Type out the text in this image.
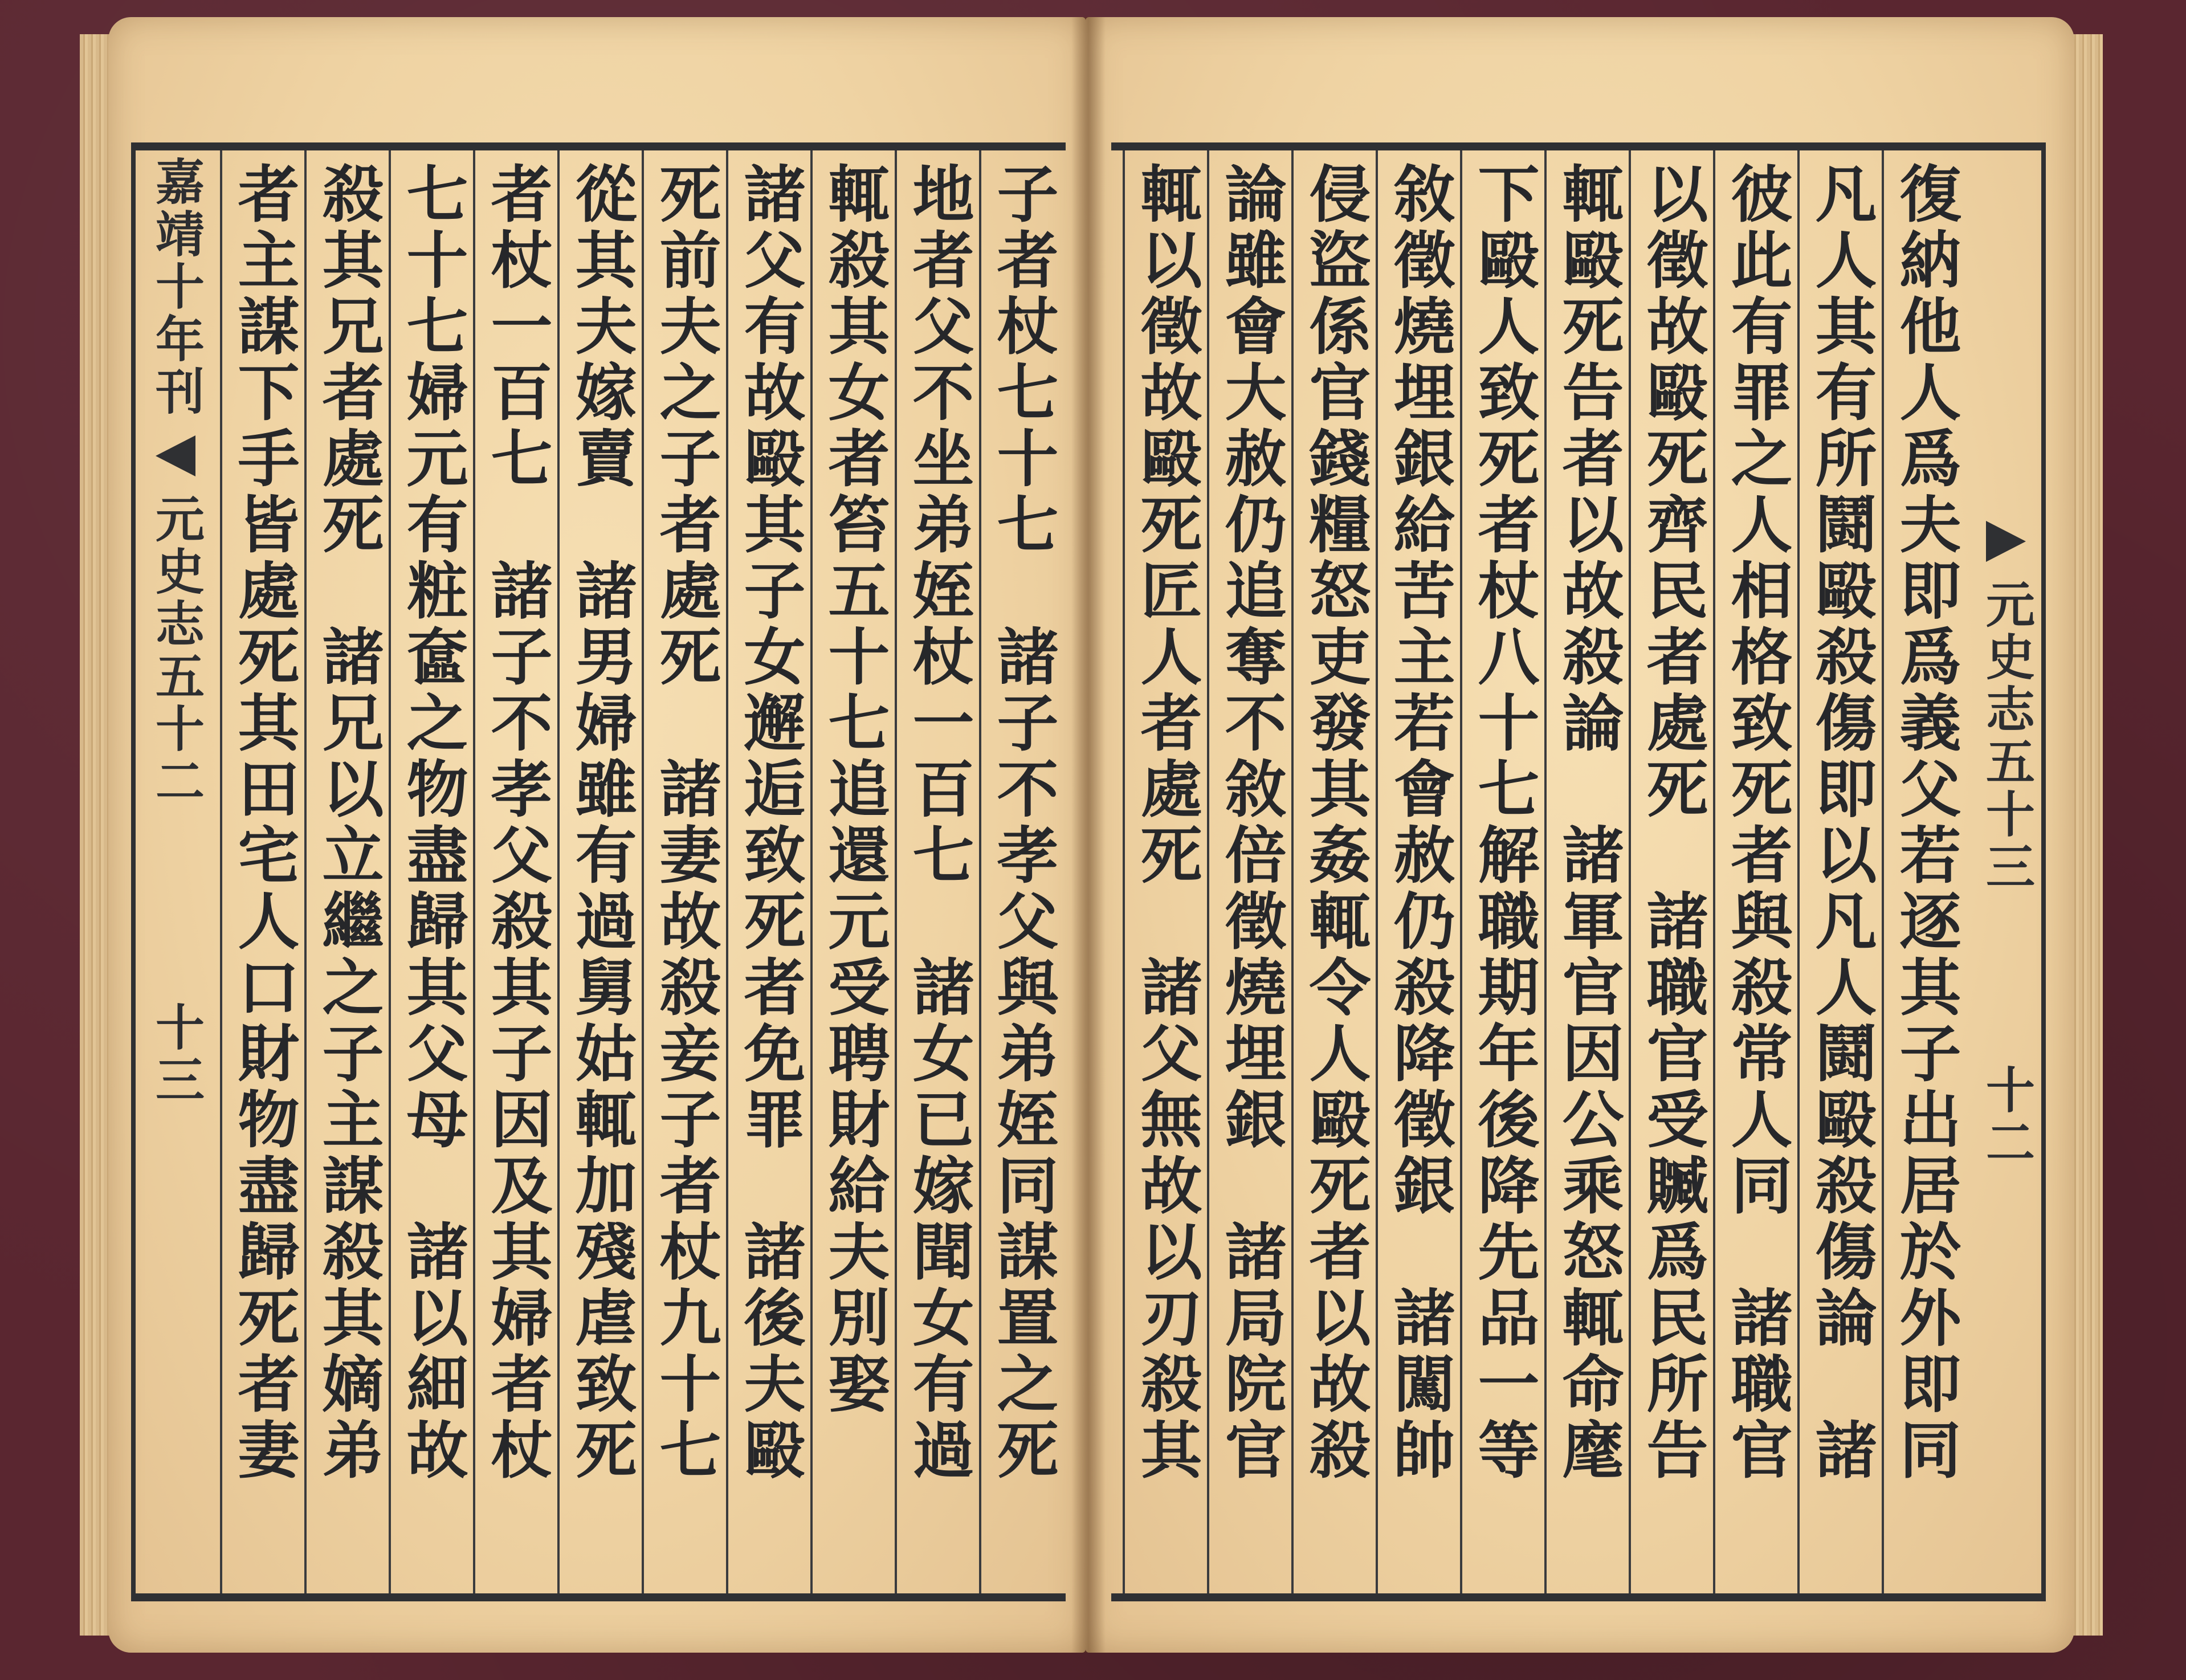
嘉靖十年刊
元史志五十二
十三	子者杖七十七　諸子不孝父與弟姪同謀置之死
地者父不坐弟姪杖一百七　諸女已嫁聞女有過
輒殺其女者笞五十七追還元受聘財給夫別娶
諸父有故毆其子女邂逅致死者免罪　諸後夫毆
死前夫之子者處死　諸妻故殺妾子者杖九十七
從其夫嫁賣　諸男婦雖有過舅姑輒加殘虐致死
者杖一百七　諸子不孝父殺其子因及其婦者杖
七十七婦元有粧奩之物盡歸其父母　諸以細故
殺其兄者處死　諸兄以立繼之子主謀殺其嫡弟
者主謀下手皆處死其田宅人口財物盡歸死者妻	復納他人爲夫即爲義父若逐其子出居於外即同
凡人其有所鬪毆殺傷即以凡人鬪毆殺傷論　諸
彼此有罪之人相格致死者與殺常人同　諸職官
以徵故毆死齊民者處死　諸職官受贓爲民所告
輒毆死告者以故殺論　諸軍官因公乘怒輒命麾
下毆人致死者杖八十七解職期年後降先品一等
敘徵燒埋銀給苦主若會赦仍殺降徵銀　諸闖帥
侵盜係官錢糧怒吏發其姦輒令人毆死者以故殺
論雖會大赦仍追奪不敘倍徵燒埋銀　諸局院官
輒以徵故毆死匠人者處死　諸父無故以刃殺其	元史志五十三
十二
